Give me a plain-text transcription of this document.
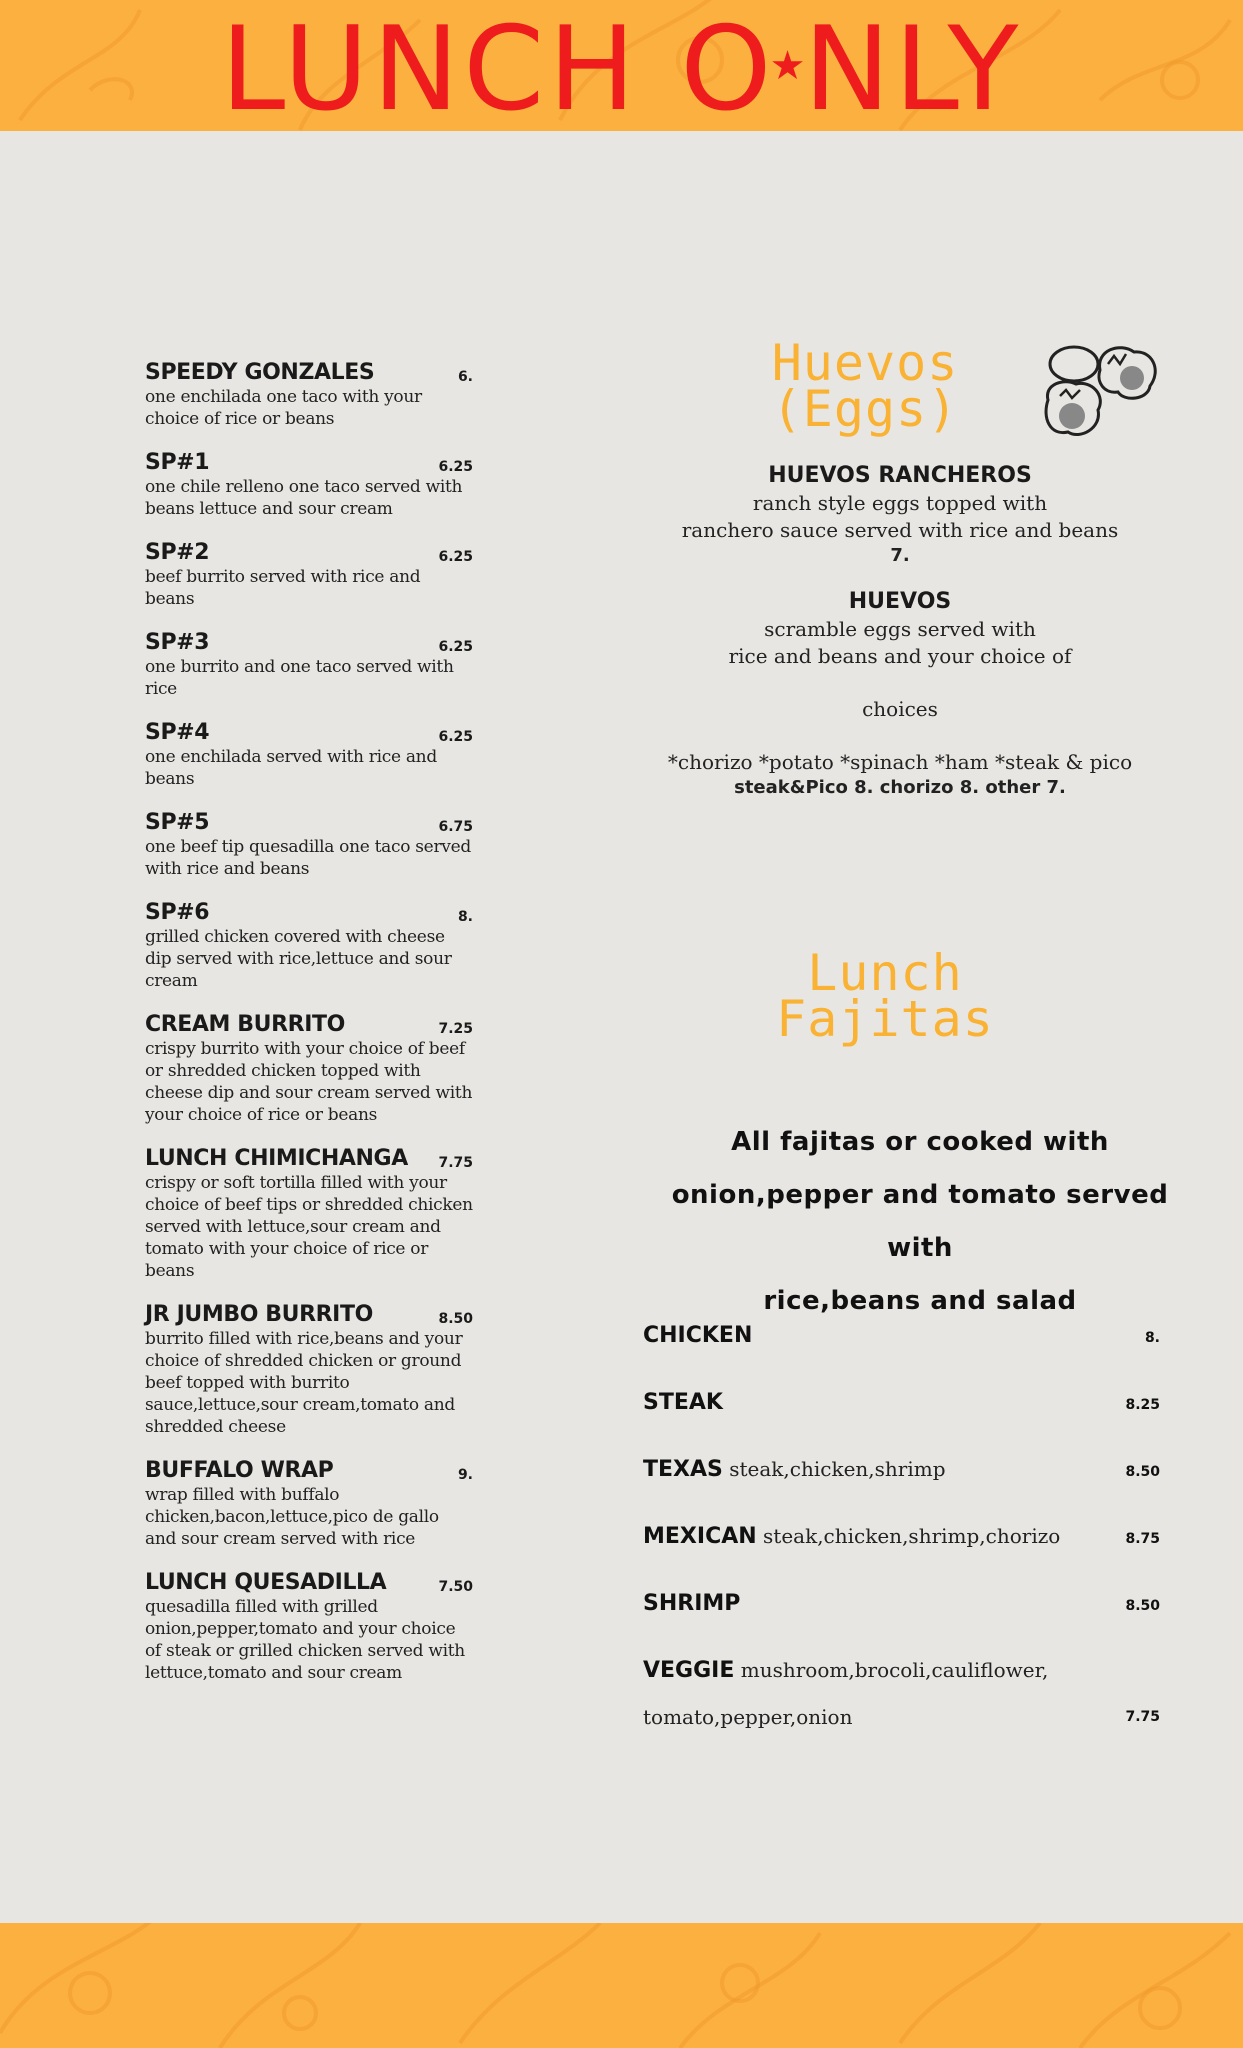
LUNCH O★NLY
SPEEDY GONZALES	6.
one enchilada one taco with your choice of rice or beans
SP#1	6.25
one chile relleno one taco served with beans lettuce and sour cream
SP#2	6.25
beef burrito served with rice and beans
SP#3	6.25
one burrito and one taco served with rice
SP#4	6.25
one enchilada served with rice and beans
SP#5	6.75
one beef tip quesadilla one taco served with rice and beans
SP#6	8.
grilled chicken covered with cheese dip served with rice,lettuce and sour cream
CREAM BURRITO	7.25
crispy burrito with your choice of beef or shredded chicken topped with cheese dip and sour cream served with your choice of rice or beans
LUNCH CHIMICHANGA 7.75
crispy or soft tortilla filled with your choice of beef tips or shredded chicken served with lettuce,sour cream and tomato with your choice of rice or beans
JR JUMBO BURRITO	8.50
burrito filled with rice,beans and your choice of shredded chicken or ground beef topped with burrito sauce,lettuce,sour cream,tomato and shredded cheese
BUFFALO WRAP	9.
wrap filled with buffalo chicken,bacon,lettuce,pico de gallo and sour cream served with rice
LUNCH QUESADILLA	7.50
quesadilla filled with grilled onion,pepper,tomato and your choice of steak or grilled chicken served with lettuce,tomato and sour cream
Huevos
(Eggs)
HUEVOS RANCHEROS
ranch style eggs topped with
ranchero sauce served with rice and beans
7.
HUEVOS
scramble eggs served with
rice and beans and your choice of
choices
*chorizo *potato *spinach *ham *steak & pico
steak&Pico 8. chorizo 8. other 7.
Lunch
Fajitas
All fajitas or cooked with
onion,pepper and tomato served with
rice,beans and salad
CHICKEN	8.
STEAK	8.25
TEXAS steak,chicken,shrimp	8.50
MEXICAN steak,chicken,shrimp,chorizo	8.75
SHRIMP	8.50
VEGGIE mushroom,brocoli,cauliflower,
tomato,pepper,onion	7.75
